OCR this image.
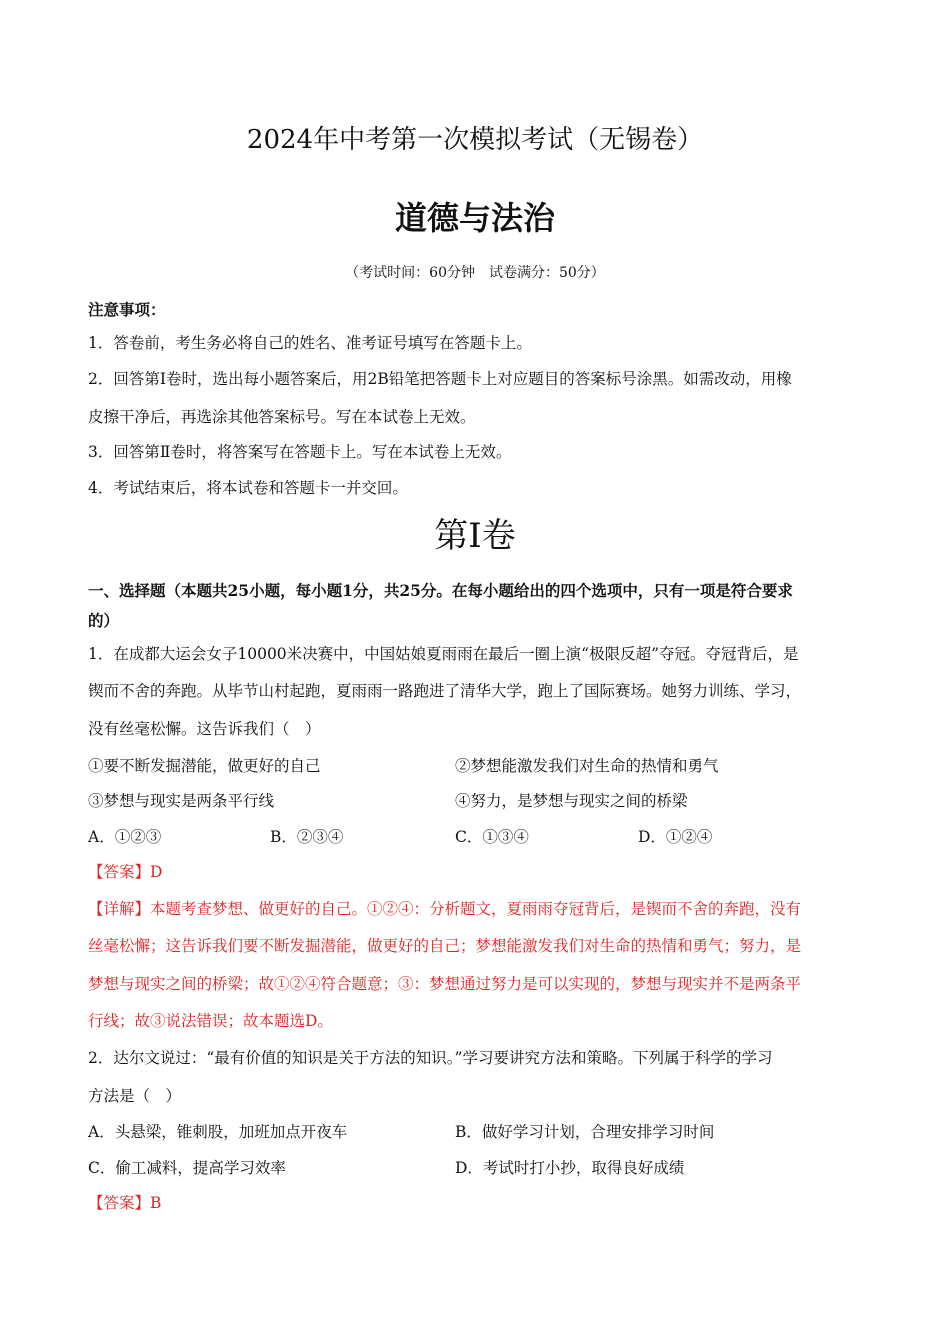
2024年中考第一次模拟考试（无锡卷）
道德与法治
（考试时间：60分钟　试卷满分：50分）
注意事项：
1．答卷前，考生务必将自己的姓名、准考证号填写在答题卡上。
2．回答第Ⅰ卷时，选出每小题答案后，用2B铅笔把答题卡上对应题目的答案标号涂黑。如需改动，用橡
皮擦干净后，再选涂其他答案标号。写在本试卷上无效。
3．回答第Ⅱ卷时，将答案写在答题卡上。写在本试卷上无效。
4．考试结束后，将本试卷和答题卡一并交回。
第Ⅰ卷
一、选择题（本题共25小题，每小题1分，共25分。在每小题给出的四个选项中，只有一项是符合要求
的）
1．在成都大运会女子10000米决赛中，中国姑娘夏雨雨在最后一圈上演“极限反超”夺冠。夺冠背后，是
锲而不舍的奔跑。从毕节山村起跑，夏雨雨一路跑进了清华大学，跑上了国际赛场。她努力训练、学习，
没有丝毫松懈。这告诉我们（　）
①要不断发掘潜能，做更好的自己	②梦想能激发我们对生命的热情和勇气
③梦想与现实是两条平行线	④努力，是梦想与现实之间的桥梁
A．①②③	B．②③④	C．①③④	D．①②④
【答案】D
【详解】本题考查梦想、做更好的自己。①②④：分析题文，夏雨雨夺冠背后，是锲而不舍的奔跑，没有
丝毫松懈；这告诉我们要不断发掘潜能，做更好的自己；梦想能激发我们对生命的热情和勇气；努力，是
梦想与现实之间的桥梁；故①②④符合题意；③：梦想通过努力是可以实现的，梦想与现实并不是两条平
行线；故③说法错误；故本题选D。
2．达尔文说过：“最有价值的知识是关于方法的知识。”学习要讲究方法和策略。下列属于科学的学习
方法是（　）
A．头悬梁，锥刺股，加班加点开夜车	B．做好学习计划，合理安排学习时间
C．偷工减料，提高学习效率	D．考试时打小抄，取得良好成绩
【答案】B
